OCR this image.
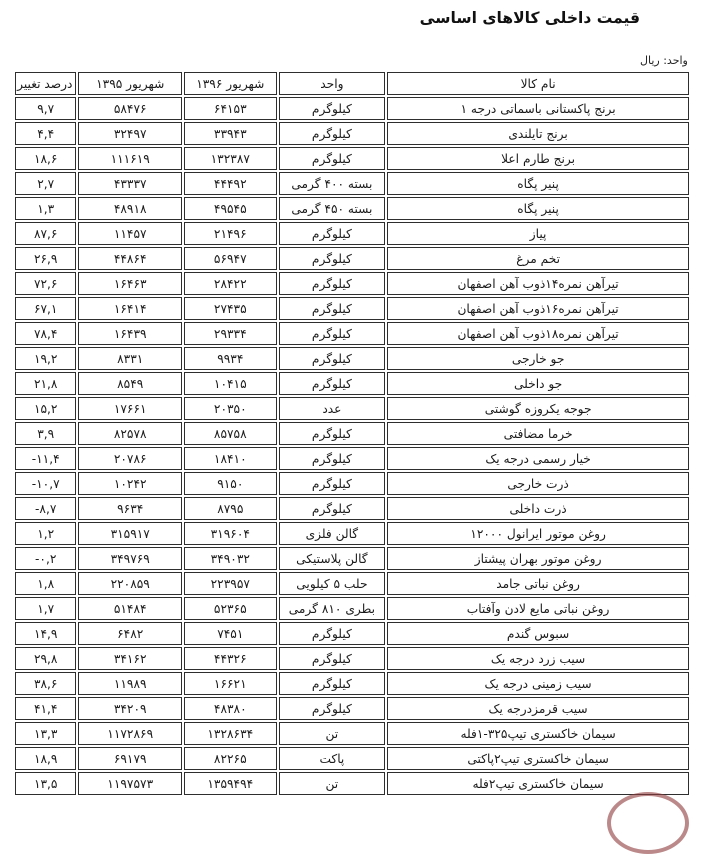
قیمت داخلی کالاهای اساسی
واحد: ریال
نام کالا	واحد	شهریور ۱۳۹۶	شهریور ۱۳۹۵	درصد تغییر
برنج پاکستانی باسماتی درجه ۱	کیلوگرم	۶۴۱۵۳	۵۸۴۷۶	۹,۷
برنج تایلندی	کیلوگرم	۳۳۹۴۳	۳۲۴۹۷	۴,۴
برنج طارم اعلا	کیلوگرم	۱۳۲۳۸۷	۱۱۱۶۱۹	۱۸,۶
پنیر پگاه	بسته ۴۰۰ گرمی	۴۴۴۹۲	۴۳۳۳۷	۲,۷
پنیر پگاه	بسته ۴۵۰ گرمی	۴۹۵۴۵	۴۸۹۱۸	۱,۳
پیاز	کیلوگرم	۲۱۴۹۶	۱۱۴۵۷	۸۷,۶
تخم مرغ	کیلوگرم	۵۶۹۴۷	۴۴۸۶۴	۲۶,۹
تیرآهن نمره۱۴ذوب آهن اصفهان	کیلوگرم	۲۸۴۲۲	۱۶۴۶۳	۷۲,۶
تیرآهن نمره۱۶ذوب آهن اصفهان	کیلوگرم	۲۷۴۳۵	۱۶۴۱۴	۶۷,۱
تیرآهن نمره۱۸ذوب آهن اصفهان	کیلوگرم	۲۹۳۳۴	۱۶۴۳۹	۷۸,۴
جو خارجی	کیلوگرم	۹۹۳۴	۸۳۳۱	۱۹,۲
جو داخلی	کیلوگرم	۱۰۴۱۵	۸۵۴۹	۲۱,۸
جوجه یکروزه گوشتی	عدد	۲۰۳۵۰	۱۷۶۶۱	۱۵,۲
خرما مضافتی	کیلوگرم	۸۵۷۵۸	۸۲۵۷۸	۳,۹
خیار رسمی درجه یک	کیلوگرم	۱۸۴۱۰	۲۰۷۸۶	-۱۱,۴
ذرت خارجی	کیلوگرم	۹۱۵۰	۱۰۲۴۲	-۱۰,۷
ذرت داخلی	کیلوگرم	۸۷۹۵	۹۶۳۴	-۸,۷
روغن موتور ایرانول ۱۲۰۰۰	گالن فلزی	۳۱۹۶۰۴	۳۱۵۹۱۷	۱,۲
روغن موتور بهران پیشتاز	گالن پلاستیکی	۳۴۹۰۳۲	۳۴۹۷۶۹	-۰,۲
روغن نباتی جامد	حلب ۵ کیلویی	۲۲۳۹۵۷	۲۲۰۸۵۹	۱,۸
روغن نباتی مایع لادن وآفتاب	بطری ۸۱۰ گرمی	۵۲۳۶۵	۵۱۴۸۴	۱,۷
سبوس گندم	کیلوگرم	۷۴۵۱	۶۴۸۲	۱۴,۹
سیب زرد درجه یک	کیلوگرم	۴۴۳۲۶	۳۴۱۶۲	۲۹,۸
سیب زمینی درجه یک	کیلوگرم	۱۶۶۲۱	۱۱۹۸۹	۳۸,۶
سیب قرمزدرجه یک	کیلوگرم	۴۸۳۸۰	۳۴۲۰۹	۴۱,۴
سیمان خاکستری تیپ۳۲۵-۱فله	تن	۱۳۲۸۶۳۴	۱۱۷۲۸۶۹	۱۳,۳
سیمان خاکستری تیپ۲پاکتی	پاکت	۸۲۲۶۵	۶۹۱۷۹	۱۸,۹
سیمان خاکستری تیپ۲فله	تن	۱۳۵۹۴۹۴	۱۱۹۷۵۷۳	۱۳,۵
